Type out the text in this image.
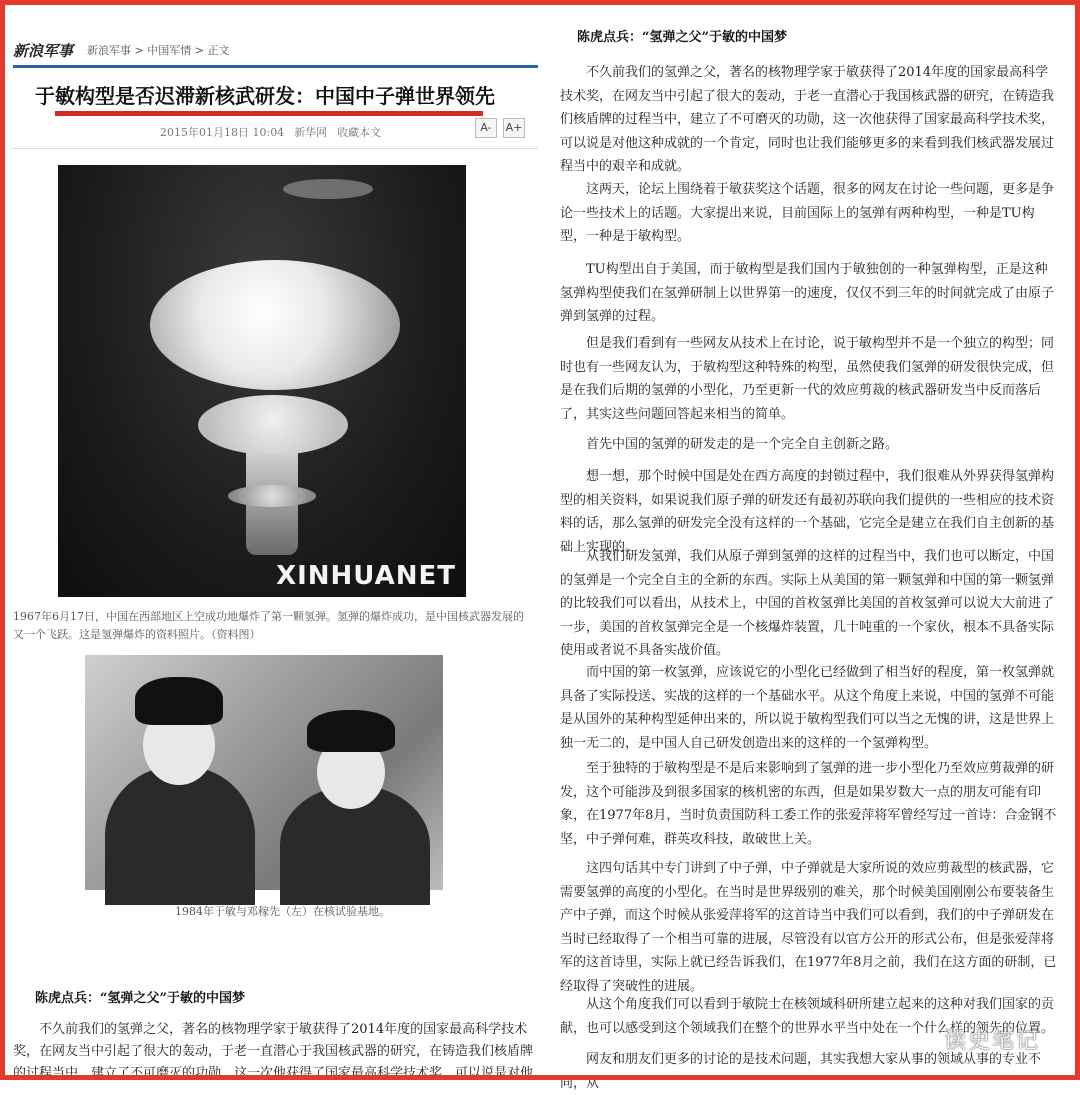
新浪军事 新浪军事 > 中国军情 > 正文
于敏构型是否迟滞新核武研发：中国中子弹世界领先
2015年01月18日 10:04 新华网 收藏本文	A-	A+
XINHUANET
1967年6月17日，中国在西部地区上空成功地爆炸了第一颗氢弹。氢弹的爆炸成功，是中国核武器发展的又一个飞跃。这是氢弹爆炸的资料照片。（资料图）
1984年于敏与邓稼先（左）在核试验基地。
陈虎点兵：“氢弹之父”于敏的中国梦
不久前我们的氢弹之父，著名的核物理学家于敏获得了2014年度的国家最高科学技术奖，在网友当中引起了很大的轰动，于老一直潜心于我国核武器的研究，在铸造我们核盾牌的过程当中，建立了不可磨灭的功勋，这一次他获得了国家最高科学技术奖，可以说是对他
陈虎点兵：“氢弹之父”于敏的中国梦

不久前我们的氢弹之父，著名的核物理学家于敏获得了2014年度的国家最高科学技术奖，在网友当中引起了很大的轰动，于老一直潜心于我国核武器的研究，在铸造我们核盾牌的过程当中，建立了不可磨灭的功勋，这一次他获得了国家最高科学技术奖，可以说是对他这种成就的一个肯定，同时也让我们能够更多的来看到我们核武器发展过程当中的艰辛和成就。

这两天，论坛上围绕着于敏获奖这个话题，很多的网友在讨论一些问题，更多是争论一些技术上的话题。大家提出来说，目前国际上的氢弹有两种构型，一种是TU构型，一种是于敏构型。

TU构型出自于美国，而于敏构型是我们国内于敏独创的一种氢弹构型，正是这种氢弹构型使我们在氢弹研制上以世界第一的速度，仅仅不到三年的时间就完成了由原子弹到氢弹的过程。

但是我们看到有一些网友从技术上在讨论，说于敏构型并不是一个独立的构型；同时也有一些网友认为，于敏构型这种特殊的构型，虽然使我们氢弹的研发很快完成，但是在我们后期的氢弹的小型化，乃至更新一代的效应剪裁的核武器研发当中反而落后了，其实这些问题回答起来相当的简单。

首先中国的氢弹的研发走的是一个完全自主创新之路。

想一想，那个时候中国是处在西方高度的封锁过程中，我们很难从外界获得氢弹构型的相关资料，如果说我们原子弹的研发还有最初苏联向我们提供的一些相应的技术资料的话，那么氢弹的研发完全没有这样的一个基础，它完全是建立在我们自主创新的基础上实现的。

从我们研发氢弹，我们从原子弹到氢弹的这样的过程当中，我们也可以断定，中国的氢弹是一个完全自主的全新的东西。实际上从美国的第一颗氢弹和中国的第一颗氢弹的比较我们可以看出，从技术上，中国的首枚氢弹比美国的首枚氢弹可以说大大前进了一步，美国的首枚氢弹完全是一个核爆炸装置，几十吨重的一个家伙，根本不具备实际使用或者说不具备实战价值。

而中国的第一枚氢弹，应该说它的小型化已经做到了相当好的程度，第一枚氢弹就具备了实际投送、实战的这样的一个基础水平。从这个角度上来说，中国的氢弹不可能是从国外的某种构型延伸出来的，所以说于敏构型我们可以当之无愧的讲，这是世界上独一无二的，是中国人自己研发创造出来的这样的一个氢弹构型。

至于独特的于敏构型是不是后来影响到了氢弹的进一步小型化乃至效应剪裁弹的研发，这个可能涉及到很多国家的核机密的东西，但是如果岁数大一点的朋友可能有印象，在1977年8月，当时负责国防科工委工作的张爱萍将军曾经写过一首诗：合金钢不坚，中子弹何难，群英攻科技，敢破世上关。

这四句话其中专门讲到了中子弹，中子弹就是大家所说的效应剪裁型的核武器，它需要氢弹的高度的小型化。在当时是世界级别的难关，那个时候美国刚刚公布要装备生产中子弹，而这个时候从张爱萍将军的这首诗当中我们可以看到，我们的中子弹研发在当时已经取得了一个相当可靠的进展，尽管没有以官方公开的形式公布，但是张爱萍将军的这首诗里，实际上就已经告诉我们，在1977年8月之前，我们在这方面的研制，已经取得了突破性的进展。

从这个角度我们可以看到于敏院士在核领域科研所建立起来的这种对我们国家的贡献，也可以感受到这个领域我们在整个的世界水平当中处在一个什么样的领先的位置。

网友和朋友们更多的讨论的是技术问题，其实我想大家从事的领域从事的专业不同，从

读史笔记
